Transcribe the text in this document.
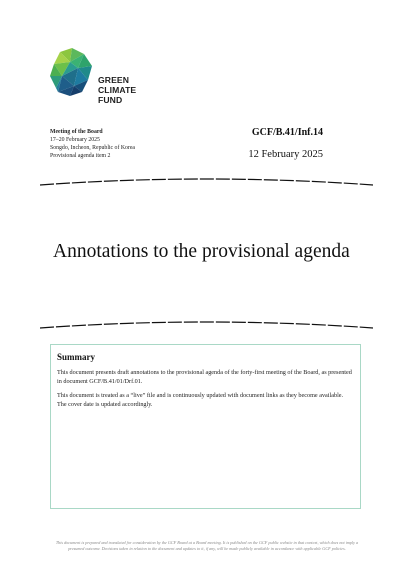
GREEN
CLIMATE
FUND
Meeting of the Board
17–20 February 2025
Songdo, Incheon, Republic of Korea
Provisional agenda item 2
GCF/B.41/Inf.14
12 February 2025
Annotations to the provisional agenda
Summary

This document presents draft annotations to the provisional agenda of the forty-first meeting of the Board, as presented in document GCF/B.41/01/Drf.01.

This document is treated as a “live” file and is continuously updated with document links as they become available. The cover date is updated accordingly.

This document is prepared and translated for consideration by the GCF Board at a Board meeting. It is published on the GCF public website in that context, which does not imply a presumed outcome. Decisions taken in relation to the document and updates to it, if any, will be made publicly available in accordance with applicable GCF policies.
